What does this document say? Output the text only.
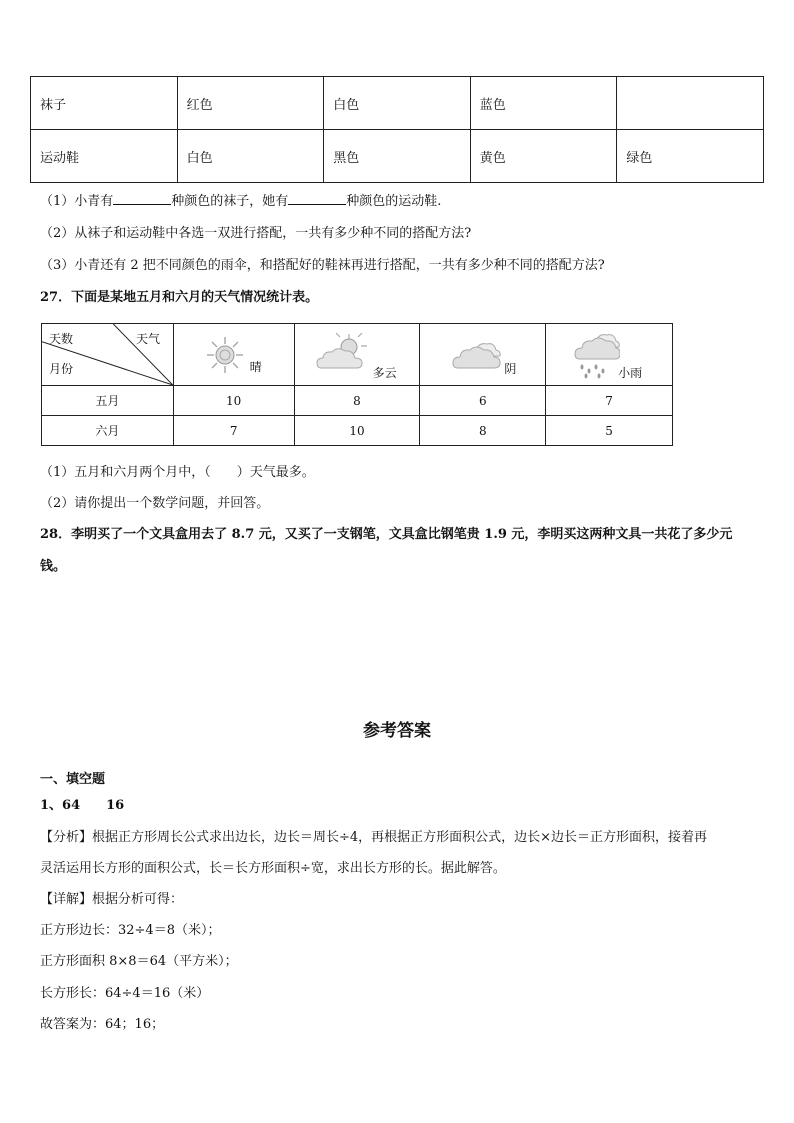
袜子	红色	白色	蓝色	
运动鞋	白色	黑色	黄色	绿色
（1）小青有	种颜色的袜子，她有	种颜色的运动鞋.
（2）从袜子和运动鞋中各选一双进行搭配，一共有多少种不同的搭配方法?
（3）小青还有 2 把不同颜色的雨伞，和搭配好的鞋袜再进行搭配，一共有多少种不同的搭配方法?
27．下面是某地五月和六月的天气情况统计表。
天数 天气
月份	晴	多云	阴	小雨

五月	10	8	6	7
六月	7	10	8	5
（1）五月和六月两个月中，（　　）天气最多。
（2）请你提出一个数学问题，并回答。
28．李明买了一个文具盒用去了 8.7 元，又买了一支钢笔，文具盒比钢笔贵 1.9 元，李明买这两种文具一共花了多少元
钱。
参考答案
一、填空题
1、64　　16
【分析】根据正方形周长公式求出边长，边长＝周长÷4，再根据正方形面积公式，边长×边长＝正方形面积，接着再
灵活运用长方形的面积公式，长＝长方形面积÷宽，求出长方形的长。据此解答。
【详解】根据分析可得：
正方形边长：32÷4＝8（米）；
正方形面积 8×8＝64（平方米）；
长方形长：64÷4＝16（米）
故答案为：64；16；
